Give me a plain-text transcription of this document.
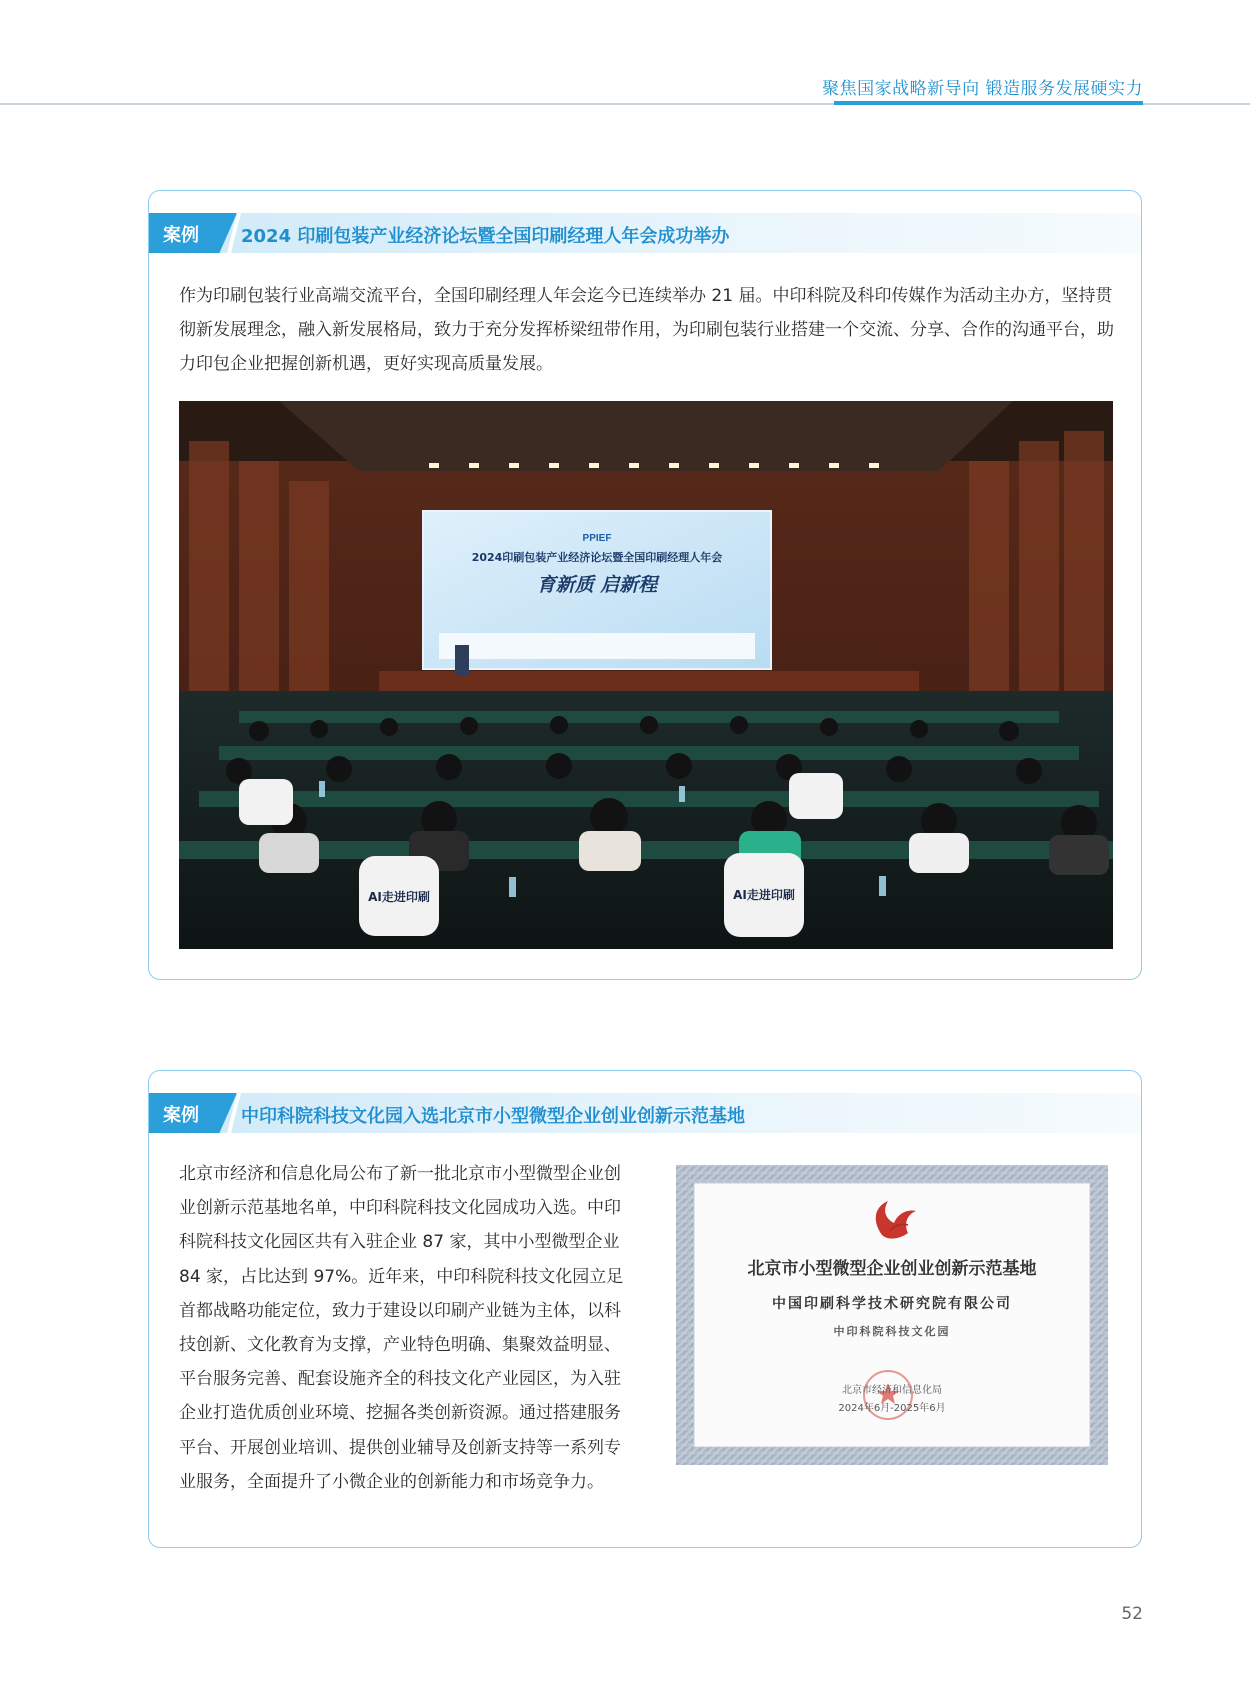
聚焦国家战略新导向 锻造服务发展硬实力
案例 2024 印刷包装产业经济论坛暨全国印刷经理人年会成功举办

作为印刷包装行业高端交流平台，全国印刷经理人年会迄今已连续举办 21 届。中印科院及科印传媒作为活动主办方，坚持贯彻新发展理念，融入新发展格局，致力于充分发挥桥梁纽带作用，为印刷包装行业搭建一个交流、分享、合作的沟通平台，助力印包企业把握创新机遇，更好实现高质量发展。

PPIEF
2024印刷包装产业经济论坛暨全国印刷经理人年会
育新质 启新程
AI走进印刷	AI走进印刷
案例 中印科院科技文化园入选北京市小型微型企业创业创新示范基地

北京市经济和信息化局公布了新一批北京市小型微型企业创业创新示范基地名单，中印科院科技文化园成功入选。中印科院科技文化园区共有入驻企业 87 家，其中小型微型企业 84 家，占比达到 97%。近年来，中印科院科技文化园立足首都战略功能定位，致力于建设以印刷产业链为主体，以科技创新、文化教育为支撑，产业特色明确、集聚效益明显、平台服务完善、配套设施齐全的科技文化产业园区，为入驻企业打造优质创业环境、挖掘各类创新资源。通过搭建服务平台、开展创业培训、提供创业辅导及创新支持等一系列专业服务，全面提升了小微企业的创新能力和市场竞争力。

北京市小型微型企业创业创新示范基地
中国印刷科学技术研究院有限公司
中印科院科技文化园
北京市经济和信息化局
2024年6月-2025年6月
52
